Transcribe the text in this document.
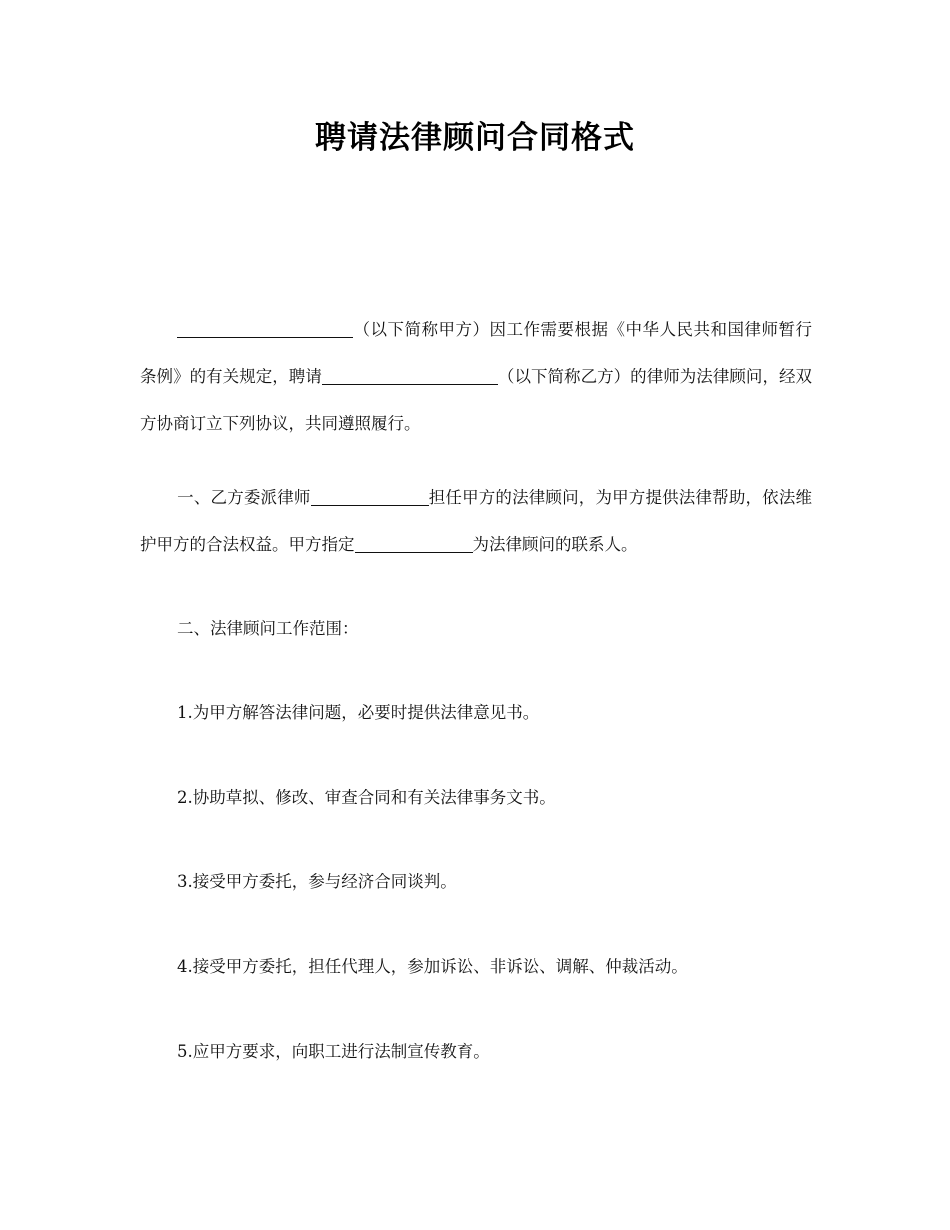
聘请法律顾问合同格式
（以下简称甲方）因工作需要根据《中华人民共和国律师暂行条例》的有关规定，聘请	（以下简称乙方）的律师为法律顾问，经双方协商订立下列协议，共同遵照履行。
一、乙方委派律师	担任甲方的法律顾问，为甲方提供法律帮助，依法维护甲方的合法权益。甲方指定	为法律顾问的联系人。
二、法律顾问工作范围：
1.为甲方解答法律问题，必要时提供法律意见书。
2.协助草拟、修改、审查合同和有关法律事务文书。
3.接受甲方委托，参与经济合同谈判。
4.接受甲方委托，担任代理人，参加诉讼、非诉讼、调解、仲裁活动。
5.应甲方要求，向职工进行法制宣传教育。
